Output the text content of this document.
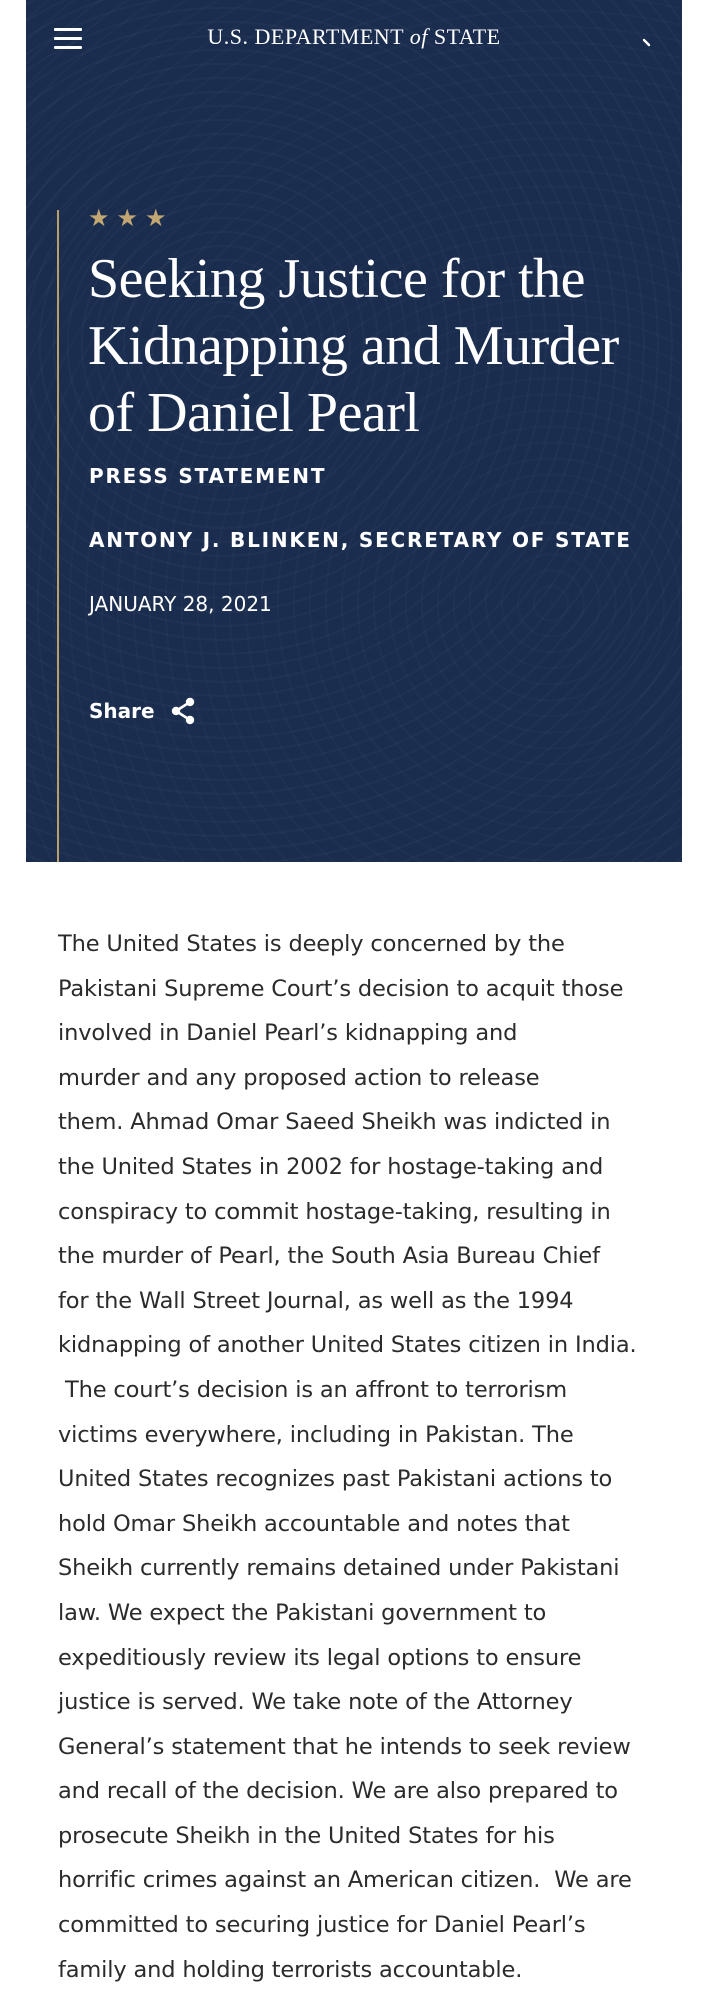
U.S. DEPARTMENT of STATE
★★★
Seeking Justice for the
Kidnapping and Murder
of Daniel Pearl
PRESS STATEMENT
ANTONY J. BLINKEN, SECRETARY OF STATE
JANUARY 28, 2021
Share

The United States is deeply concerned by the
Pakistani Supreme Court’s decision to acquit those
involved in Daniel Pearl’s kidnapping and
murder and any proposed action to release
them. Ahmad Omar Saeed Sheikh was indicted in
the United States in 2002 for hostage-taking and
conspiracy to commit hostage-taking, resulting in
the murder of Pearl, the South Asia Bureau Chief
for the Wall Street Journal, as well as the 1994
kidnapping of another United States citizen in India.
The court’s decision is an affront to terrorism
victims everywhere, including in Pakistan. The
United States recognizes past Pakistani actions to
hold Omar Sheikh accountable and notes that
Sheikh currently remains detained under Pakistani
law. We expect the Pakistani government to
expeditiously review its legal options to ensure
justice is served. We take note of the Attorney
General’s statement that he intends to seek review
and recall of the decision. We are also prepared to
prosecute Sheikh in the United States for his
horrific crimes against an American citizen.  We are
committed to securing justice for Daniel Pearl’s
family and holding terrorists accountable.
